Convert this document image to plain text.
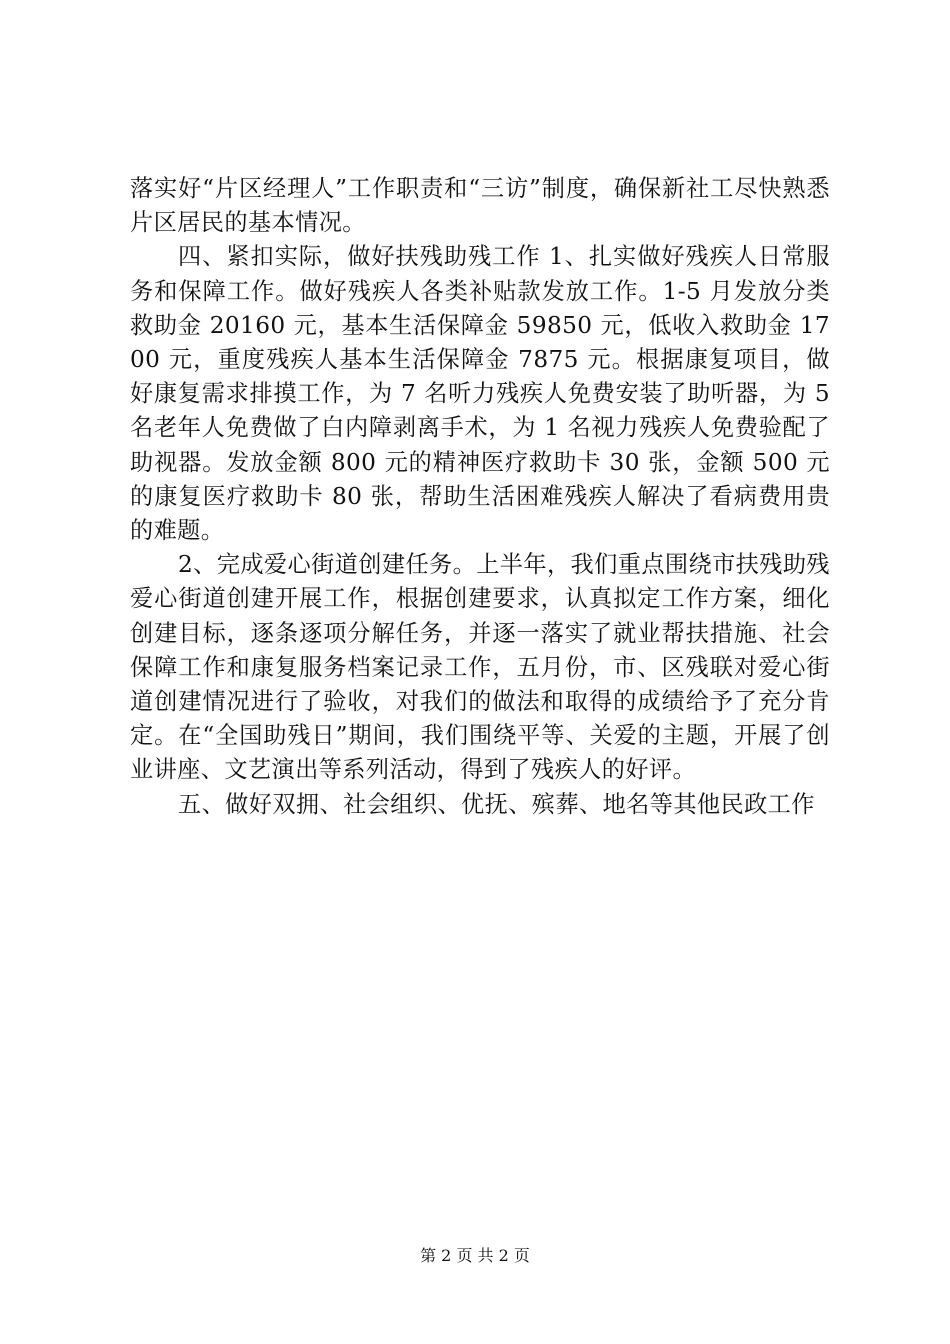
落实好“片区经理人”工作职责和“三访”制度，确保新社工尽快熟悉片区居民的基本情况。

四、紧扣实际，做好扶残助残工作 1、扎实做好残疾人日常服务和保障工作。做好残疾人各类补贴款发放工作。1-5 月发放分类救助金 20160 元，基本生活保障金 59850 元，低收入救助金 1700 元，重度残疾人基本生活保障金 7875 元。根据康复项目，做好康复需求排摸工作，为 7 名听力残疾人免费安装了助听器，为 5 名老年人免费做了白内障剥离手术，为 1 名视力残疾人免费验配了助视器。发放金额 800 元的精神医疗救助卡 30 张，金额 500 元的康复医疗救助卡 80 张，帮助生活困难残疾人解决了看病费用贵的难题。

2、完成爱心街道创建任务。上半年，我们重点围绕市扶残助残爱心街道创建开展工作，根据创建要求，认真拟定工作方案，细化创建目标，逐条逐项分解任务，并逐一落实了就业帮扶措施、社会保障工作和康复服务档案记录工作，五月份，市、区残联对爱心街道创建情况进行了验收，对我们的做法和取得的成绩给予了充分肯定。在“全国助残日”期间，我们围绕平等、关爱的主题，开展了创业讲座、文艺演出等系列活动，得到了残疾人的好评。

五、做好双拥、社会组织、优抚、殡葬、地名等其他民政工作

第 2 页 共 2 页
